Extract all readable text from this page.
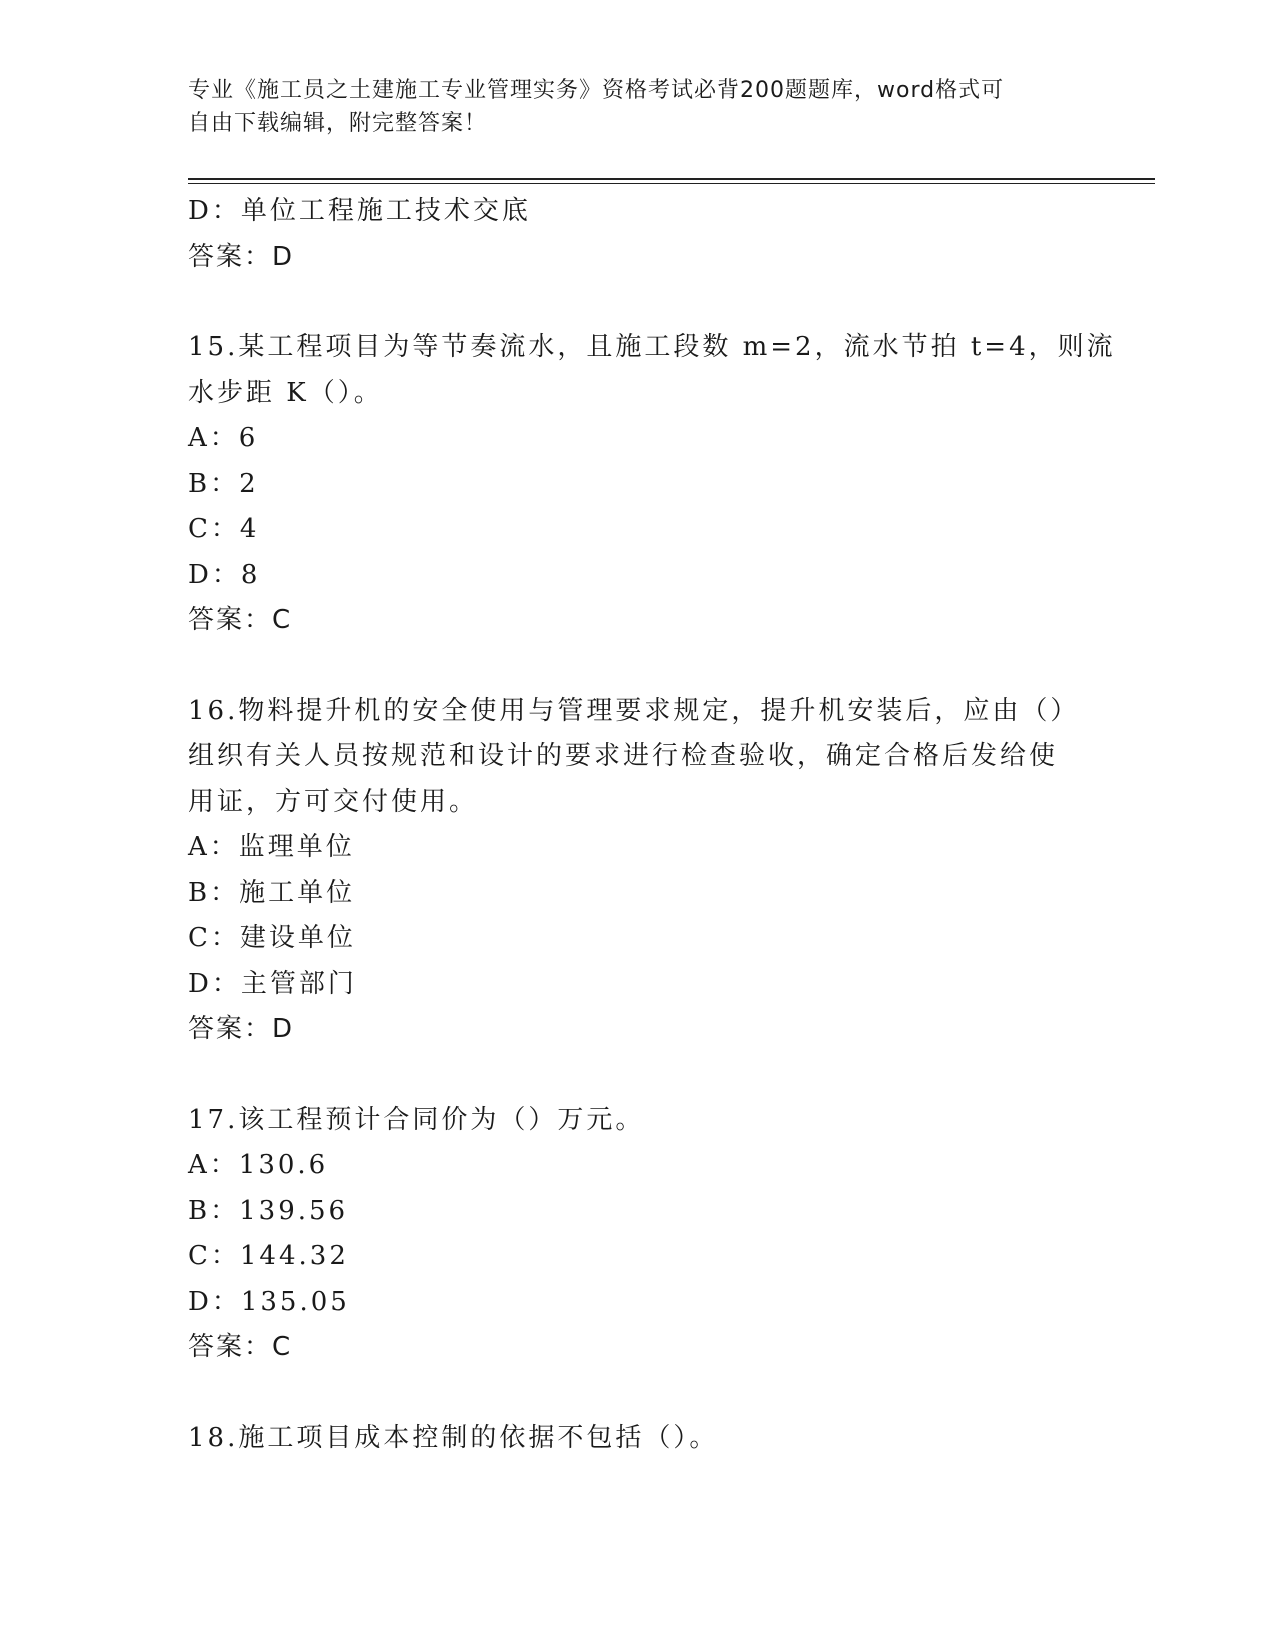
专业《施工员之土建施工专业管理实务》资格考试必背200题题库，word格式可
自由下载编辑，附完整答案！
D：单位工程施工技术交底
答案：D
15.某工程项目为等节奏流水，且施工段数 m=2，流水节拍 t=4，则流
水步距 K（）。
A：6
B：2
C：4
D：8
答案：C
16.物料提升机的安全使用与管理要求规定，提升机安装后，应由（）
组织有关人员按规范和设计的要求进行检查验收，确定合格后发给使
用证，方可交付使用。
A：监理单位
B：施工单位
C：建设单位
D：主管部门
答案：D
17.该工程预计合同价为（）万元。
A：130.6
B：139.56
C：144.32
D：135.05
答案：C
18.施工项目成本控制的依据不包括（）。
